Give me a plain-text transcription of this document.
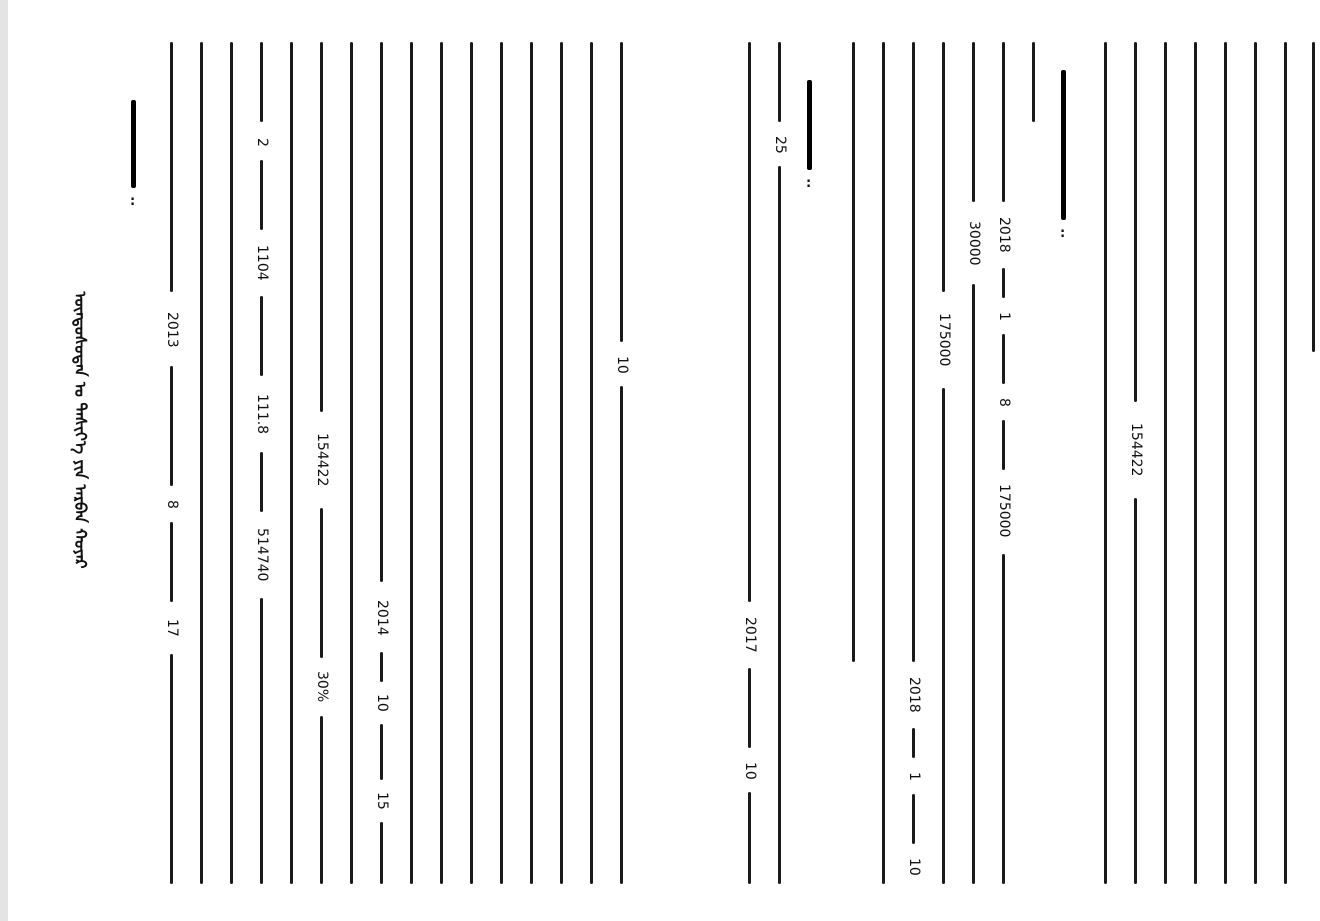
ᠦᠨᠳᠦᠰᠦᠲᠡᠨ ᠤ ᠲᠡᠰᠢᠶ᠎ᠡ ᠶᠢᠨ ᠠᠷᠪᠠᠨ ᠬᠣᠶᠠᠷ
:
2013
8
17
2
1104
111.8
514740
154422
30%
2014
10
15
2017
10
25
:
2018
1
10
175000
30000 2018
1
8
175000
:
154422
10
